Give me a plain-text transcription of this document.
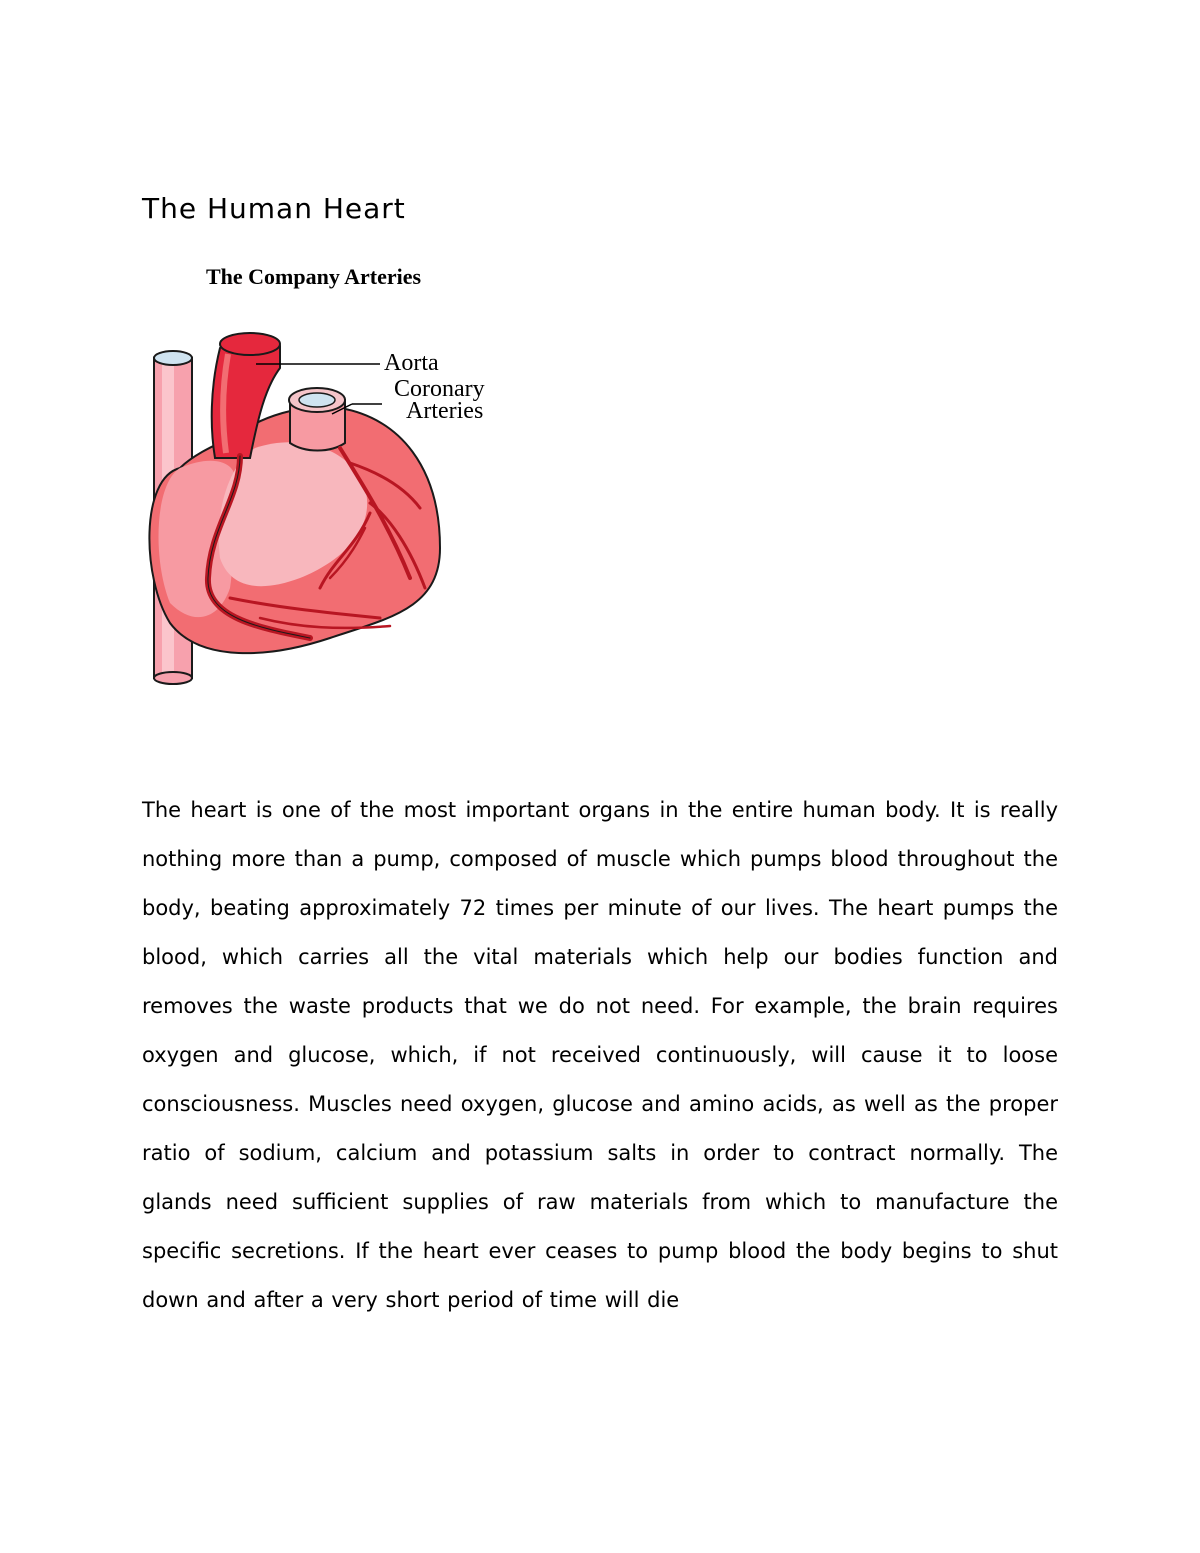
The Human Heart
The Company Arteries
Aorta
Coronary
Arteries

The heart is one of the most important organs in the entire human body. It is really nothing more than a pump, composed of muscle which pumps blood throughout the body, beating approximately 72 times per minute of our lives. The heart pumps the blood, which carries all the vital materials which help our bodies function and removes the waste products that we do not need. For example, the brain requires oxygen and glucose, which, if not received continuously, will cause it to loose consciousness. Muscles need oxygen, glucose and amino acids, as well as the proper ratio of sodium, calcium and potassium salts in order to contract normally. The glands need sufficient supplies of raw materials from which to manufacture the specific secretions. If the heart ever ceases to pump blood the body begins to shut down and after a very short period of time will die
